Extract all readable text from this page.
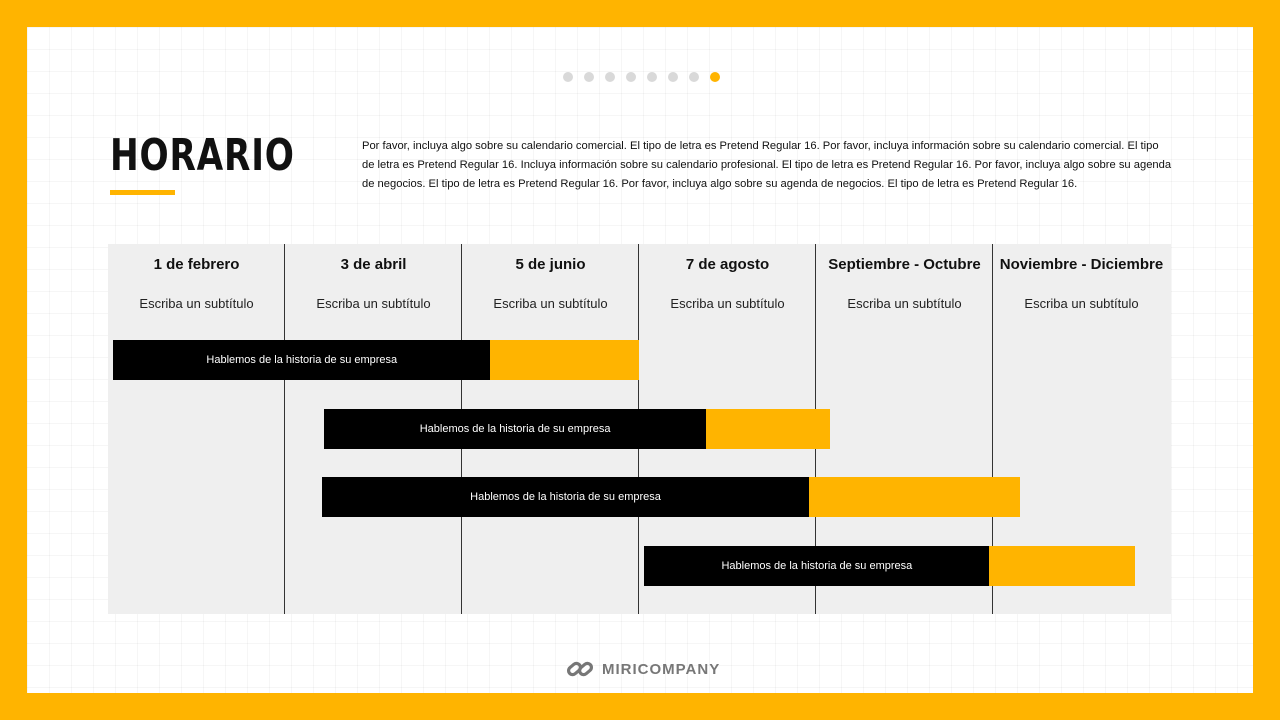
HORARIO	Por favor, incluya algo sobre su calendario comercial. El tipo de letra es Pretend Regular 16. Por favor, incluya información sobre su calendario comercial. El tipo de letra es Pretend Regular 16. Incluya información sobre su calendario profesional. El tipo de letra es Pretend Regular 16. Por favor, incluya algo sobre su agenda de negocios. El tipo de letra es Pretend Regular 16. Por favor, incluya algo sobre su agenda de negocios. El tipo de letra es Pretend Regular 16.

1 de febrero
Escriba un subtítulo
3 de abril
Escriba un subtítulo
5 de junio
Escriba un subtítulo
7 de agosto
Escriba un subtítulo
Septiembre - Octubre
Escriba un subtítulo
Noviembre - Diciembre
Escriba un subtítulo
Hablemos de la historia de su empresa
Hablemos de la historia de su empresa
Hablemos de la historia de su empresa
Hablemos de la historia de su empresa
MIRICOMPANY
